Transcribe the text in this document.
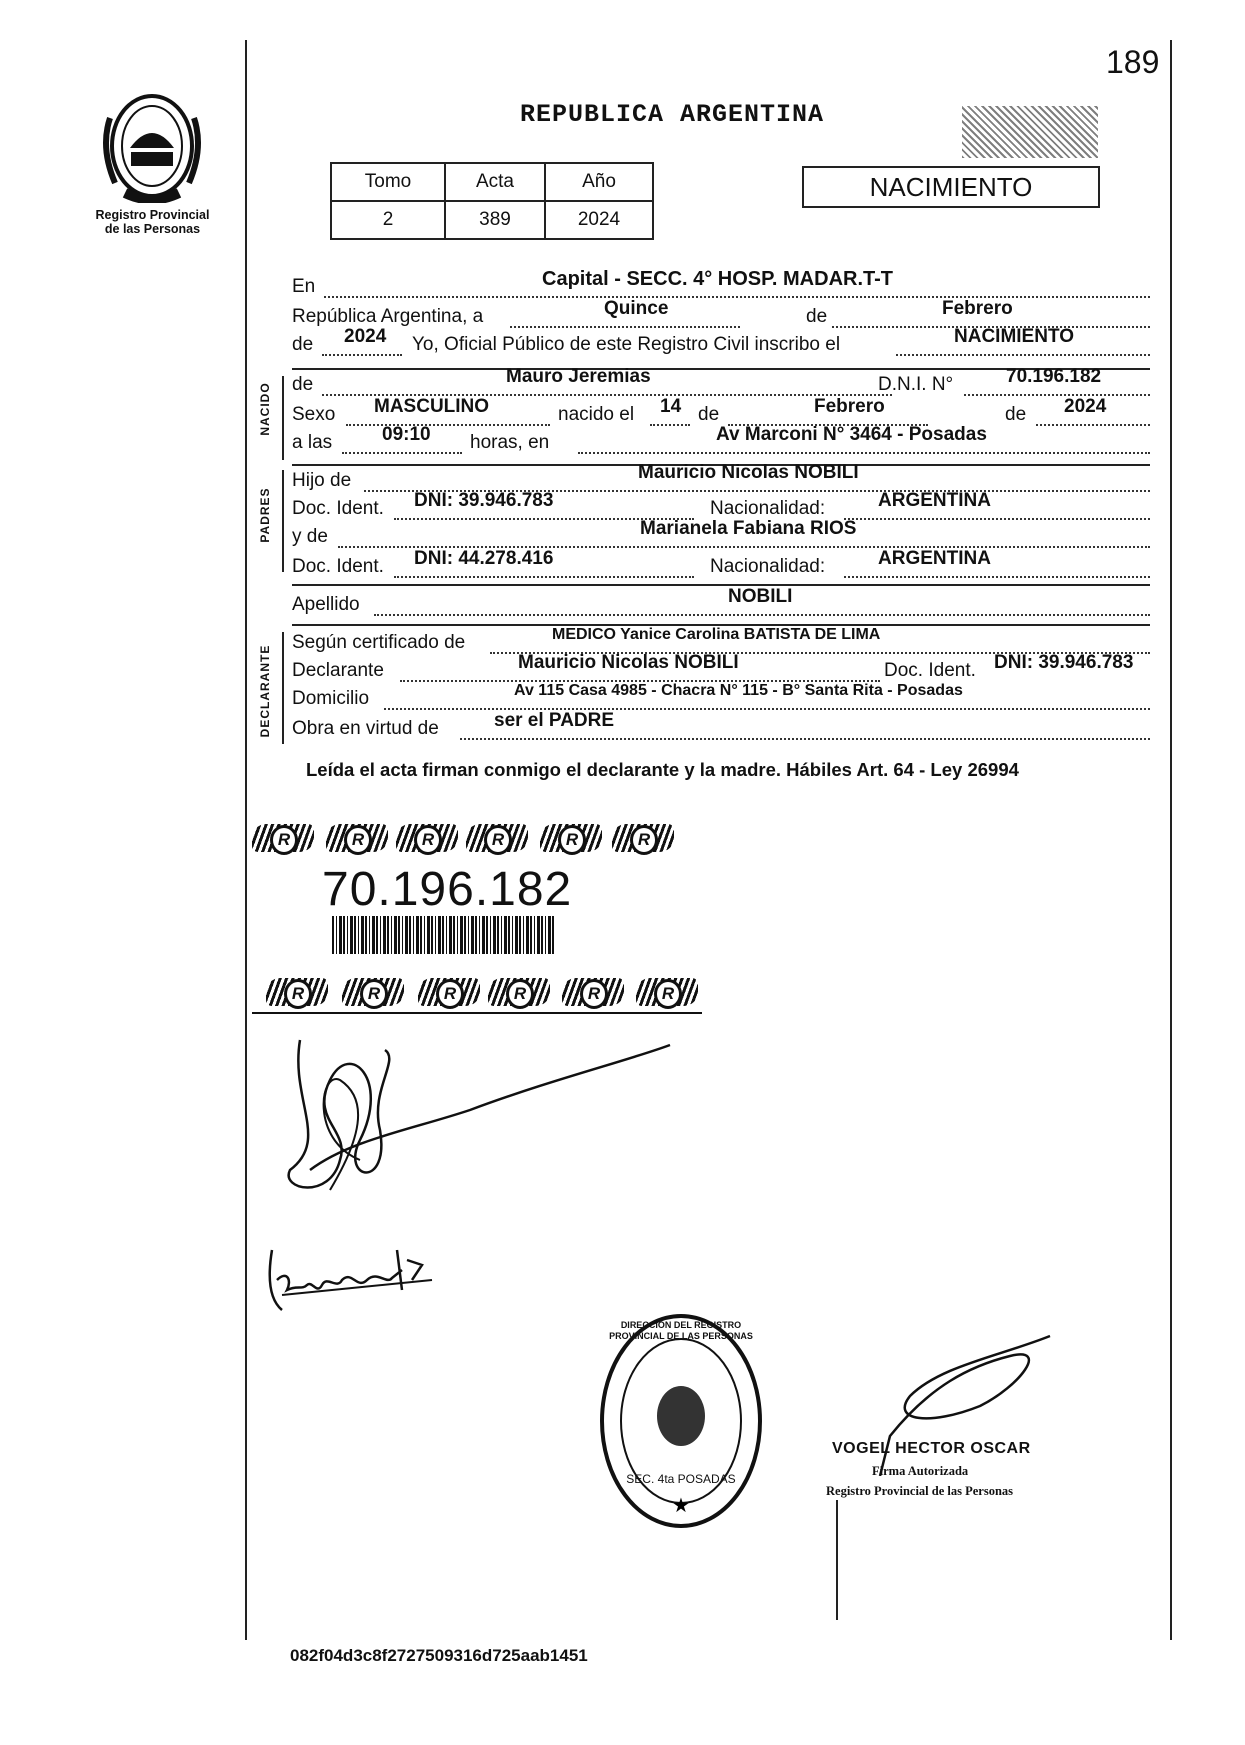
189
Registro Provincial
de las Personas
REPUBLICA ARGENTINA
Tomo	Acta	Año
2	389	2024
NACIMIENTO
En	Capital - SECC. 4° HOSP. MADAR.T-T
República Argentina, a	Quince	de	Febrero
de 2024 Yo, Oficial Público de este Registro Civil inscribo el	NACIMIENTO
NACIDO de	Mauro Jeremias	D.N.I. N°	70.196.182
Sexo MASCULINO	nacido el 14 de	Febrero	de 2024
a las	09:10 horas, en	Av Marconi N° 3464 - Posadas
PADRES
Hijo de	Mauricio Nicolas NOBILI
Doc. Ident. DNI: 39.946.783	Nacionalidad:	ARGENTINA
y de	Marianela Fabiana RIOS
Doc. Ident. DNI: 44.278.416	Nacionalidad:	ARGENTINA
Apellido	NOBILI
DECLARANTE
Según certificado de	MEDICO Yanice Carolina BATISTA DE LIMA
Declarante	Mauricio Nicolas NOBILI	Doc. Ident. DNI: 39.946.783
Domicilio	Av 115 Casa 4985 - Chacra N° 115 - B° Santa Rita - Posadas
Obra en virtud de	ser el PADRE
Leída el acta firman conmigo el declarante y la madre. Hábiles Art. 64 - Ley 26994
R	R	R	R	R	R
70.196.182
R	R	R	R	R	R
★
DIRECCION DEL REGISTRO PROVINCIAL DE LAS PERSONAS
SEC. 4ta POSADAS
VOGEL HECTOR OSCAR
Firma Autorizada
Registro Provincial de las Personas
082f04d3c8f2727509316d725aab1451
